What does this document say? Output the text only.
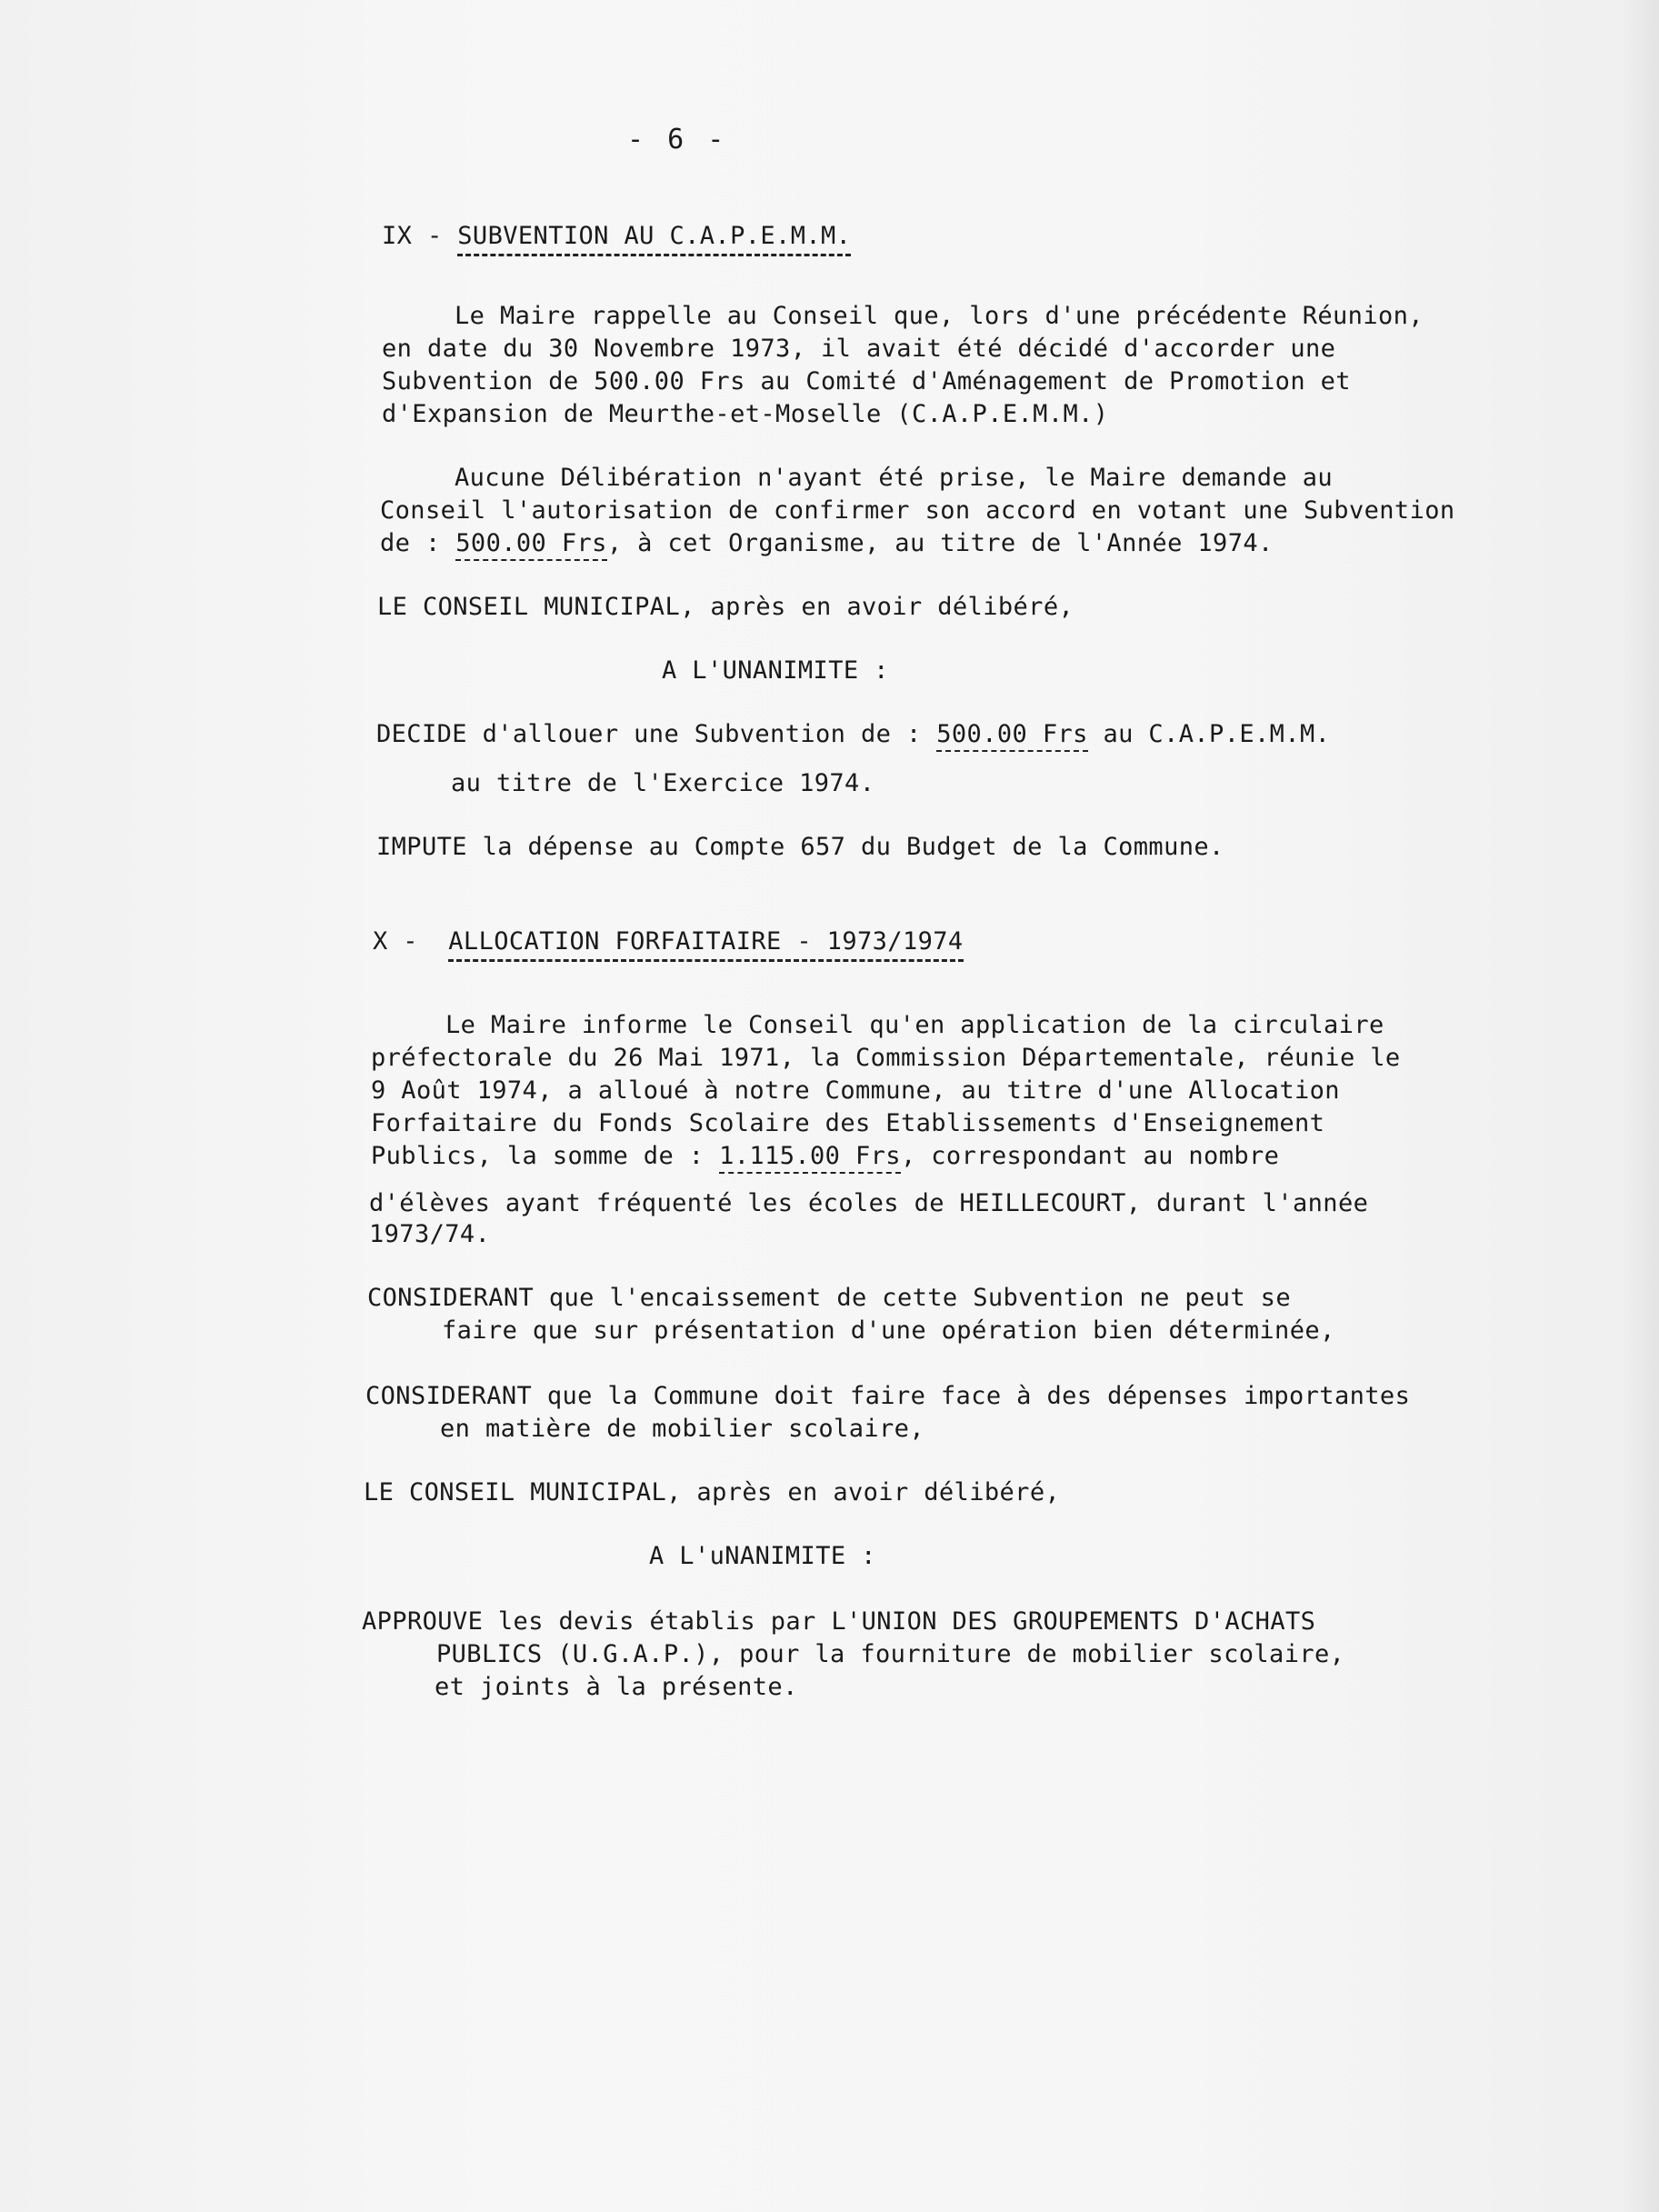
- 6 -
IX - SUBVENTION AU C.A.P.E.M.M.
Le Maire rappelle au Conseil que, lors d'une précédente Réunion,
en date du 30 Novembre 1973, il avait été décidé d'accorder une
Subvention de 500.00 Frs au Comité d'Aménagement de Promotion et
d'Expansion de Meurthe-et-Moselle (C.A.P.E.M.M.)
Aucune Délibération n'ayant été prise, le Maire demande au
Conseil l'autorisation de confirmer son accord en votant une Subvention
de : 500.00 Frs, à cet Organisme, au titre de l'Année 1974.
LE CONSEIL MUNICIPAL, après en avoir délibéré,
A L'UNANIMITE :
DECIDE d'allouer une Subvention de : 500.00 Frs au C.A.P.E.M.M.
au titre de l'Exercice 1974.
IMPUTE la dépense au Compte 657 du Budget de la Commune.
X - ALLOCATION FORFAITAIRE - 1973/1974
Le Maire informe le Conseil qu'en application de la circulaire
préfectorale du 26 Mai 1971, la Commission Départementale, réunie le
9 Août 1974, a alloué à notre Commune, au titre d'une Allocation
Forfaitaire du Fonds Scolaire des Etablissements d'Enseignement
Publics, la somme de : 1.115.00 Frs, correspondant au nombre
d'élèves ayant fréquenté les écoles de HEILLECOURT, durant l'année
1973/74.
CONSIDERANT que l'encaissement de cette Subvention ne peut se
faire que sur présentation d'une opération bien déterminée,
CONSIDERANT que la Commune doit faire face à des dépenses importantes
en matière de mobilier scolaire,
LE CONSEIL MUNICIPAL, après en avoir délibéré,
A L'uNANIMITE :
APPROUVE les devis établis par L'UNION DES GROUPEMENTS D'ACHATS
PUBLICS (U.G.A.P.), pour la fourniture de mobilier scolaire,
et joints à la présente.
